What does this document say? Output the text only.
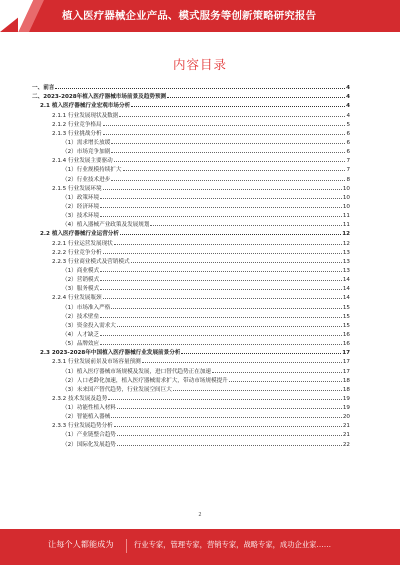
植入医疗器械企业产品、模式服务等创新策略研究报告
内容目录
一、前言	4
二、2023-2028年植入医疗器械市场前景及趋势预测	4
2.1 植入医疗器械行业宏观市场分析	4
2.1.1 行业发展现状及数据	4
2.1.2 行业竞争格局	5
2.1.3 行业挑战分析	6
（1）需求增长放缓	6
（2）市场竞争加剧	6
2.1.4 行业发展主要驱动	7
（1）行业规模持续扩大	7
（2）行业技术进步	8
2.1.5 行业发展环境	10
（1）政策环境	10
（2）经济环境	10
（3）技术环境	11
（4）植入器械产业政策及发展规划	11
2.2 植入医疗器械行业运营分析	12
2.2.1 行业运营发展现状	12
2.2.2 行业竞争分析	13
2.2.3 行业商业模式及营销模式	13
（1）商业模式	13
（2）营销模式	14
（3）服务模式	14
2.2.4 行业发展瓶颈	14
（1）市场准入严格	15
（2）技术壁垒	15
（3）资金投入需求大	15
（4）人才缺乏	16
（5）品牌效应	16
2.3 2023-2028年中国植入医疗器械行业发展前景分析	17
2.3.1 行业发展前景及市场容量预测	17
（1）植入医疗器械市场规模及发展，进口替代趋势正在加速	17
（2）人口老龄化加速，植入医疗器械需求扩大，带动市场规模提升	18
（3）未来国产替代趋势，行业发展空间巨大	18
2.3.2 技术发展及趋势	19
（1）功能性植入材料	19
（2）智能植入器械	20
2.3.3 行业发展趋势分析	21
（1）产业链整合趋势	21
（2）国际化发展趋势	22
2
让每个人都能成为	行业专家，管理专家，营销专家，战略专家，成功企业家……
